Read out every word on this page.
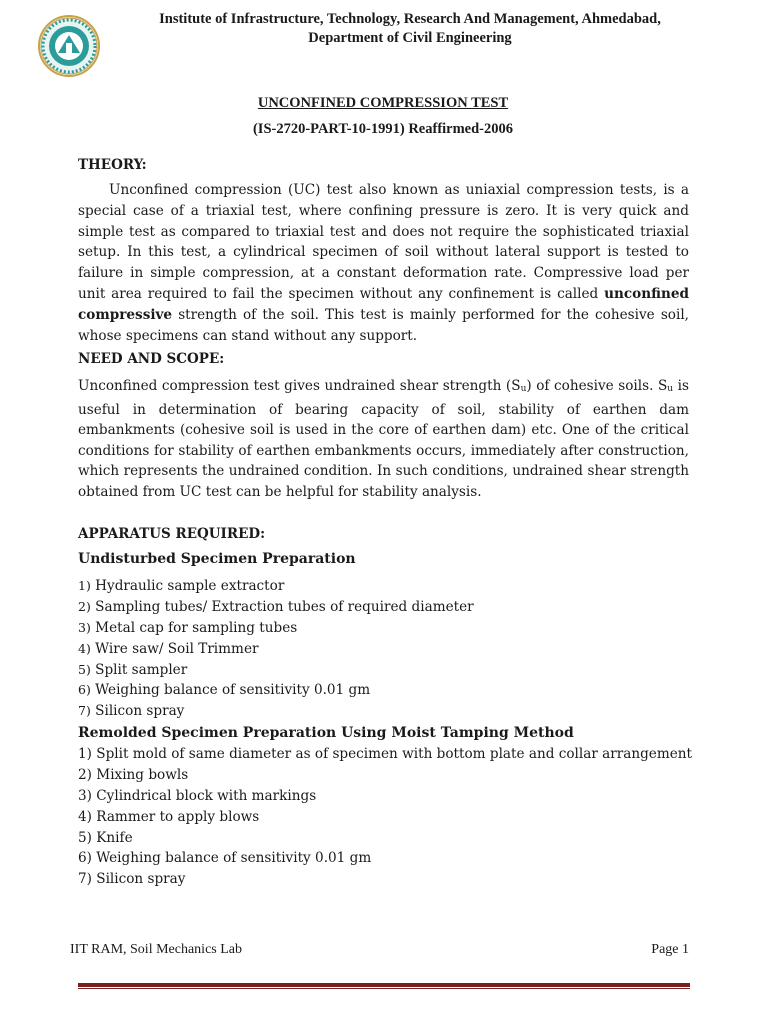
Institute of Infrastructure, Technology, Research And Management, Ahmedabad,
Department of Civil Engineering
UNCONFINED COMPRESSION TEST
(IS-2720-PART-10-1991) Reaffirmed-2006
THEORY:

Unconfined compression (UC) test also known as uniaxial compression tests, is a special case of a triaxial test, where confining pressure is zero. It is very quick and simple test as compared to triaxial test and does not require the sophisticated triaxial setup. In this test, a cylindrical specimen of soil without lateral support is tested to failure in simple compression, at a constant deformation rate. Compressive load per unit area required to fail the specimen without any confinement is called unconfined compressive strength of the soil. This test is mainly performed for the cohesive soil, whose specimens can stand without any support.

NEED AND SCOPE:

Unconfined compression test gives undrained shear strength $(S_u)$ of cohesive soils. $S_u$ is useful in determination of bearing capacity of soil, stability of earthen dam embankments (cohesive soil is used in the core of earthen dam) etc. One of the critical conditions for stability of earthen embankments occurs, immediately after construction, which represents the undrained condition. In such conditions, undrained shear strength obtained from UC test can be helpful for stability analysis.

APPARATUS REQUIRED:
Undisturbed Specimen Preparation
1) Hydraulic sample extractor
2) Sampling tubes/ Extraction tubes of required diameter
3) Metal cap for sampling tubes
4) Wire saw/ Soil Trimmer
5) Split sampler
6) Weighing balance of sensitivity 0.01 gm
7) Silicon spray
Remolded Specimen Preparation Using Moist Tamping Method
1) Split mold of same diameter as of specimen with bottom plate and collar arrangement
2) Mixing bowls
3) Cylindrical block with markings
4) Rammer to apply blows
5) Knife
6) Weighing balance of sensitivity 0.01 gm
7) Silicon spray
IIT RAM, Soil Mechanics Lab	Page 1
